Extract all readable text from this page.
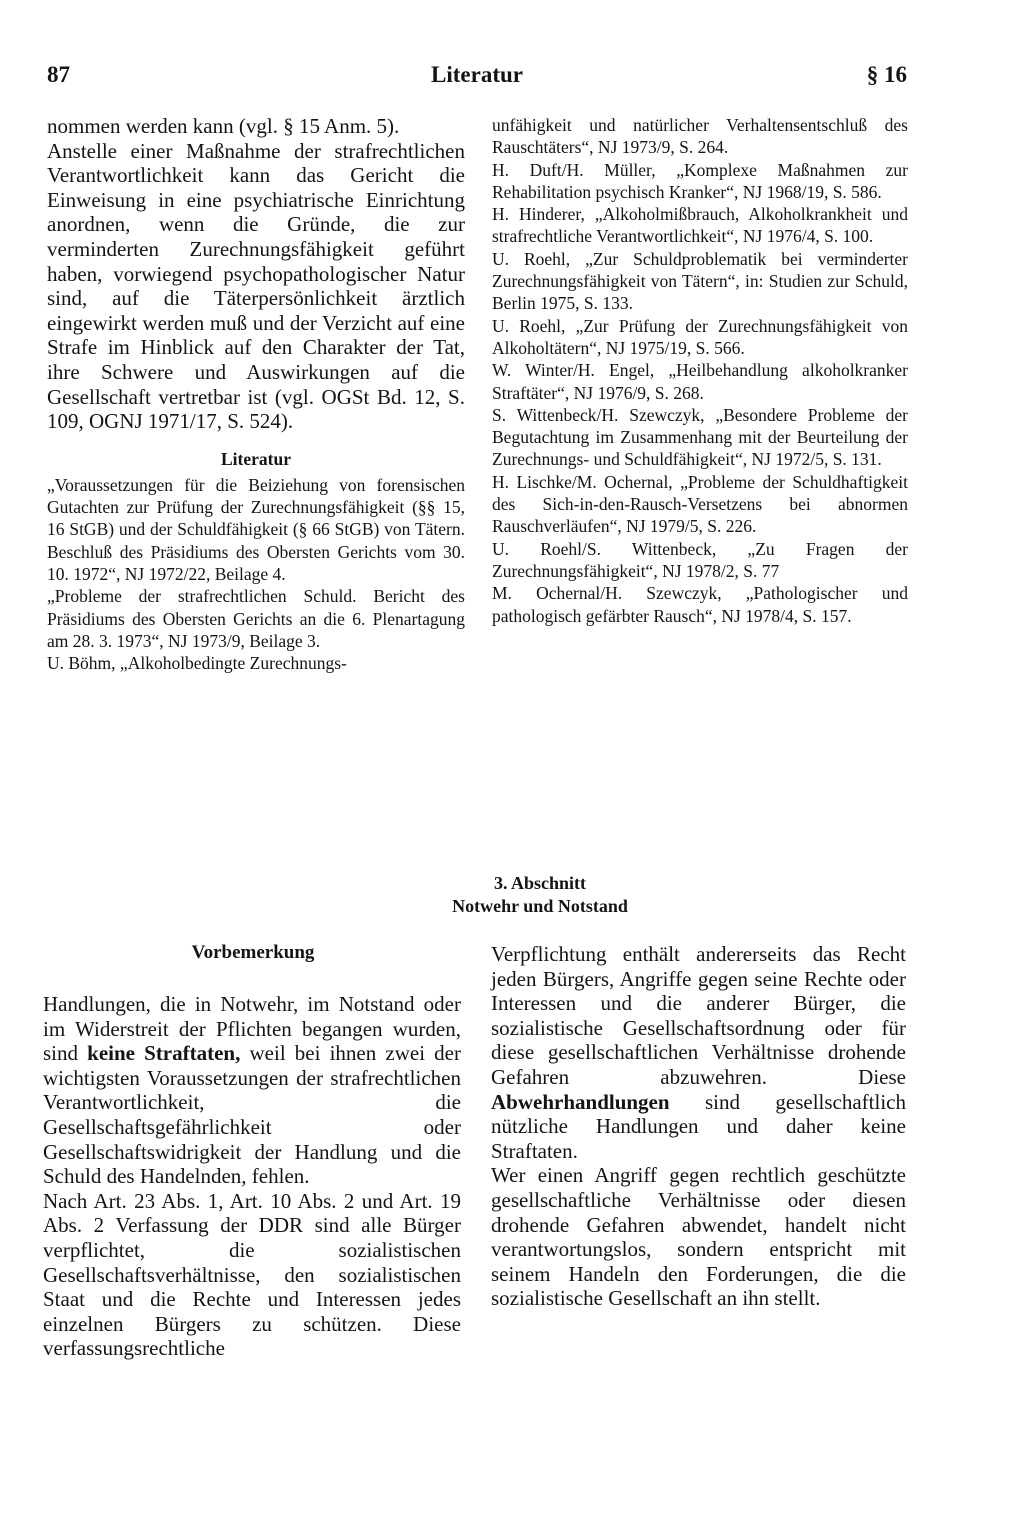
87	Literatur	§ 16

nommen werden kann (vgl. § 15 Anm. 5).

Anstelle einer Maßnahme der strafrechtlichen Verantwortlichkeit kann das Gericht die Einweisung in eine psychiatrische Einrichtung anordnen, wenn die Gründe, die zur verminderten Zurechnungsfähigkeit geführt haben, vorwiegend psychopathologischer Natur sind, auf die Täterpersönlichkeit ärztlich eingewirkt werden muß und der Verzicht auf eine Strafe im Hinblick auf den Charakter der Tat, ihre Schwere und Auswirkungen auf die Gesellschaft vertretbar ist (vgl. OGSt Bd. 12, S. 109, OGNJ 1971/17, S. 524).

Literatur

„Voraussetzungen für die Beiziehung von forensischen Gutachten zur Prüfung der Zurechnungsfähigkeit (§§ 15, 16 StGB) und der Schuldfähigkeit (§ 66 StGB) von Tätern. Beschluß des Präsidiums des Obersten Gerichts vom 30. 10. 1972“, NJ 1972/22, Beilage 4.

„Probleme der strafrechtlichen Schuld. Bericht des Präsidiums des Obersten Gerichts an die 6. Plenartagung am 28. 3. 1973“, NJ 1973/9, Beilage 3.

U. Böhm, „Alkoholbedingte Zurechnungs-

unfähigkeit und natürlicher Verhaltensentschluß des Rauschtäters“, NJ 1973/9, S. 264.

H. Duft/H. Müller, „Komplexe Maßnahmen zur Rehabilitation psychisch Kranker“, NJ 1968/19, S. 586.

H. Hinderer, „Alkoholmißbrauch, Alkoholkrankheit und strafrechtliche Verantwortlichkeit“, NJ 1976/4, S. 100.

U. Roehl, „Zur Schuldproblematik bei verminderter Zurechnungsfähigkeit von Tätern“, in: Studien zur Schuld, Berlin 1975, S. 133.

U. Roehl, „Zur Prüfung der Zurechnungsfähigkeit von Alkoholtätern“, NJ 1975/19, S. 566.

W. Winter/H. Engel, „Heilbehandlung alkoholkranker Straftäter“, NJ 1976/9, S. 268.

S. Wittenbeck/H. Szewczyk, „Besondere Probleme der Begutachtung im Zusammenhang mit der Beurteilung der Zurechnungs- und Schuldfähigkeit“, NJ 1972/5, S. 131.

H. Lischke/M. Ochernal, „Probleme der Schuldhaftigkeit des Sich-in-den-Rausch-Versetzens bei abnormen Rauschverläufen“, NJ 1979/5, S. 226.

U. Roehl/S. Wittenbeck, „Zu Fragen der Zurechnungsfähigkeit“, NJ 1978/2, S. 77

M. Ochernal/H. Szewczyk, „Pathologischer und pathologisch gefärbter Rausch“, NJ 1978/4, S. 157.

3. Abschnitt
Notwehr und Notstand
Vorbemerkung

Handlungen, die in Notwehr, im Notstand oder im Widerstreit der Pflichten begangen wurden, sind keine Straftaten, weil bei ihnen zwei der wichtigsten Voraussetzungen der strafrechtlichen Verantwortlichkeit, die Gesellschaftsgefährlichkeit oder Gesellschaftswidrigkeit der Handlung und die Schuld des Handelnden, fehlen.

Nach Art. 23 Abs. 1, Art. 10 Abs. 2 und Art. 19 Abs. 2 Verfassung der DDR sind alle Bürger verpflichtet, die sozialistischen Gesellschaftsverhältnisse, den sozialistischen Staat und die Rechte und Interessen jedes einzelnen Bürgers zu schützen. Diese verfassungsrechtliche

Verpflichtung enthält andererseits das Recht jeden Bürgers, Angriffe gegen seine Rechte oder Interessen und die anderer Bürger, die sozialistische Gesellschaftsordnung oder für diese gesellschaftlichen Verhältnisse drohende Gefahren abzuwehren. Diese Abwehrhandlungen sind gesellschaftlich nützliche Handlungen und daher keine Straftaten.

Wer einen Angriff gegen rechtlich geschützte gesellschaftliche Verhältnisse oder diesen drohende Gefahren abwendet, handelt nicht verantwortungslos, sondern entspricht mit seinem Handeln den Forderungen, die die sozialistische Gesellschaft an ihn stellt.
